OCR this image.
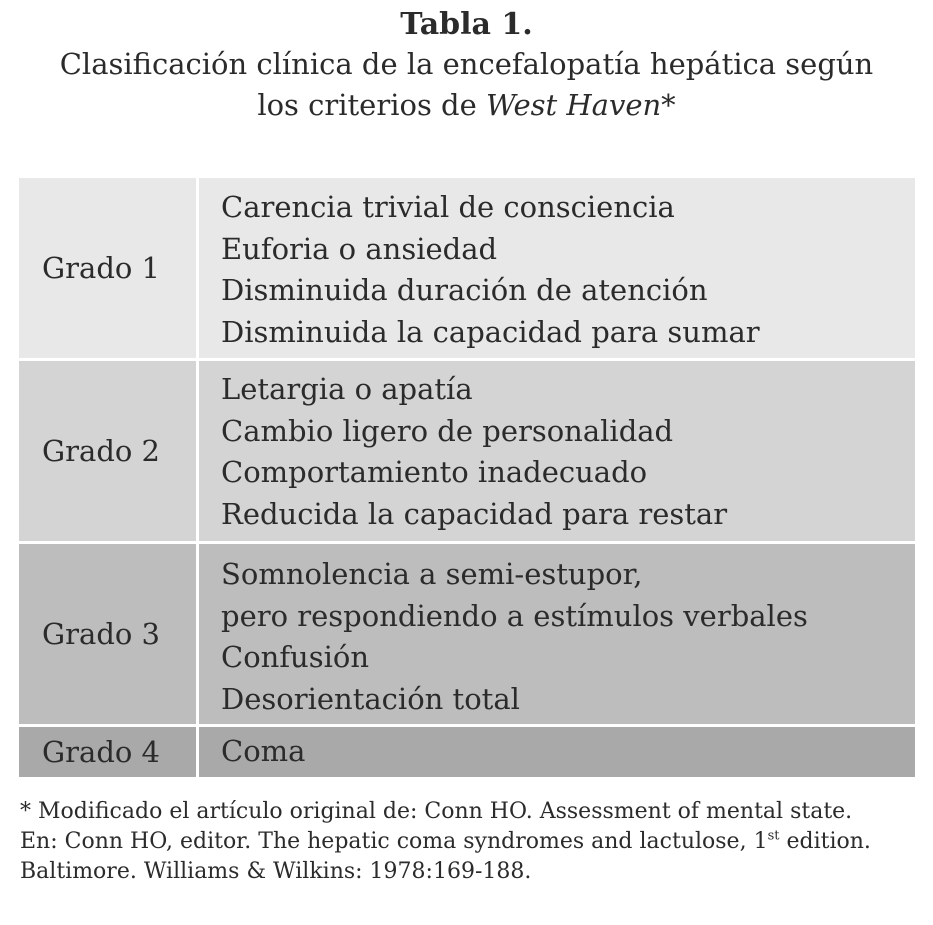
Tabla 1.
Clasificación clínica de la encefalopatía hepática según
los criterios de West Haven*
Grado 1
Carencia trivial de consciencia
Euforia o ansiedad
Disminuida duración de atención
Disminuida la capacidad para sumar
Grado 2
Letargia o apatía
Cambio ligero de personalidad
Comportamiento inadecuado
Reducida la capacidad para restar
Grado 3
Somnolencia a semi-estupor,
pero respondiendo a estímulos verbales
Confusión
Desorientación total
Grado 4	Coma
* Modificado el artículo original de: Conn HO. Assessment of mental state.
En: Conn HO, editor. The hepatic coma syndromes and lactulose, 1st edition.
Baltimore. Williams & Wilkins: 1978:169-188.
